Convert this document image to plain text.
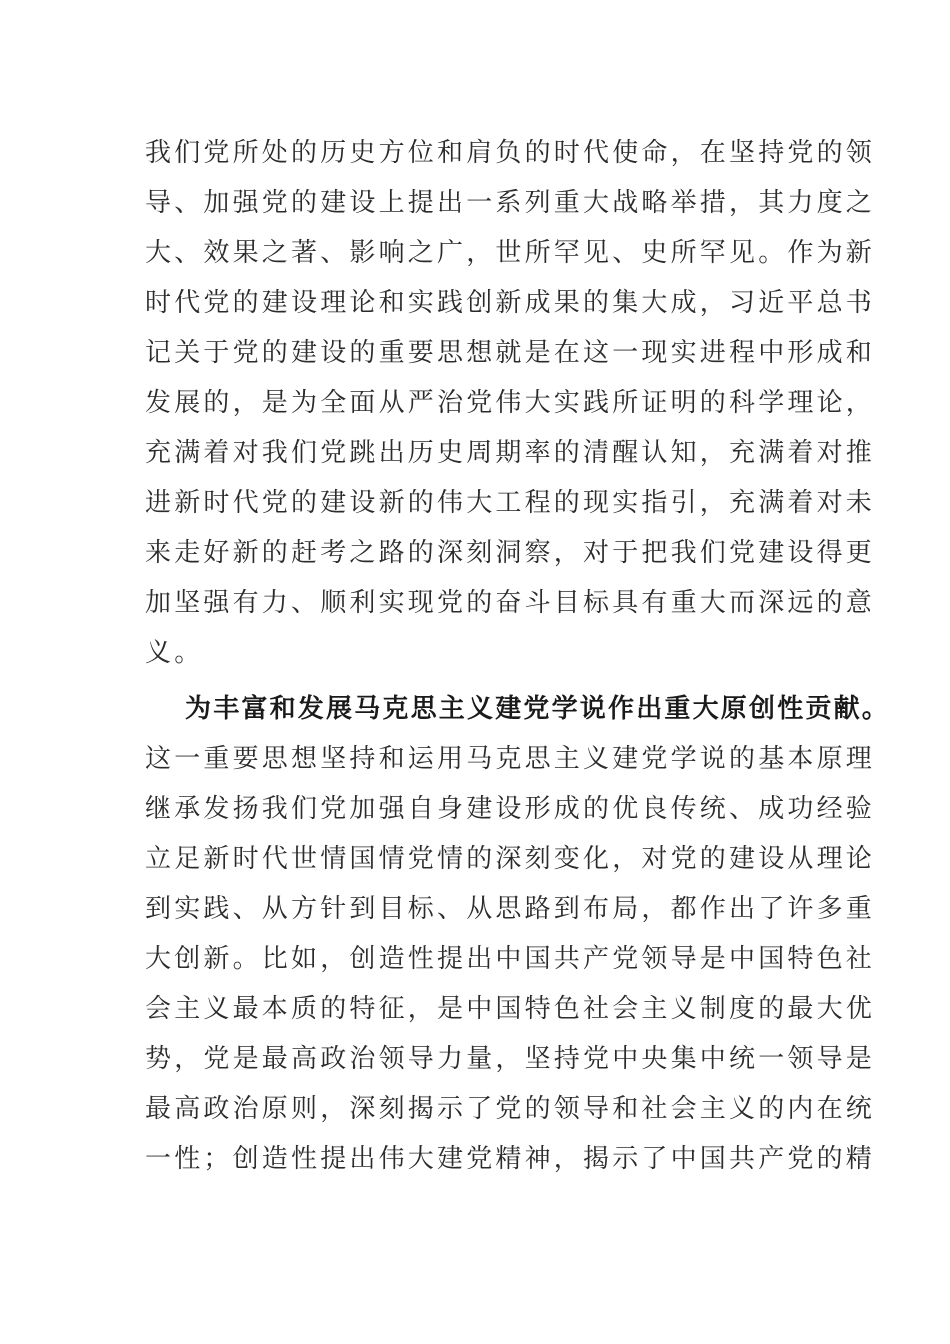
我们党所处的历史方位和肩负的时代使命，在坚持党的领
导、加强党的建设上提出一系列重大战略举措，其力度之
大、效果之著、影响之广，世所罕见、史所罕见。作为新
时代党的建设理论和实践创新成果的集大成，习近平总书
记关于党的建设的重要思想就是在这一现实进程中形成和
发展的，是为全面从严治党伟大实践所证明的科学理论，
充满着对我们党跳出历史周期率的清醒认知，充满着对推
进新时代党的建设新的伟大工程的现实指引，充满着对未
来走好新的赶考之路的深刻洞察，对于把我们党建设得更
加坚强有力、顺利实现党的奋斗目标具有重大而深远的意
义。
为丰富和发展马克思主义建党学说作出重大原创性贡献。
这一重要思想坚持和运用马克思主义建党学说的基本原理
继承发扬我们党加强自身建设形成的优良传统、成功经验
立足新时代世情国情党情的深刻变化，对党的建设从理论
到实践、从方针到目标、从思路到布局，都作出了许多重
大创新。比如，创造性提出中国共产党领导是中国特色社
会主义最本质的特征，是中国特色社会主义制度的最大优
势，党是最高政治领导力量，坚持党中央集中统一领导是
最高政治原则，深刻揭示了党的领导和社会主义的内在统
一性；创造性提出伟大建党精神，揭示了中国共产党的精
